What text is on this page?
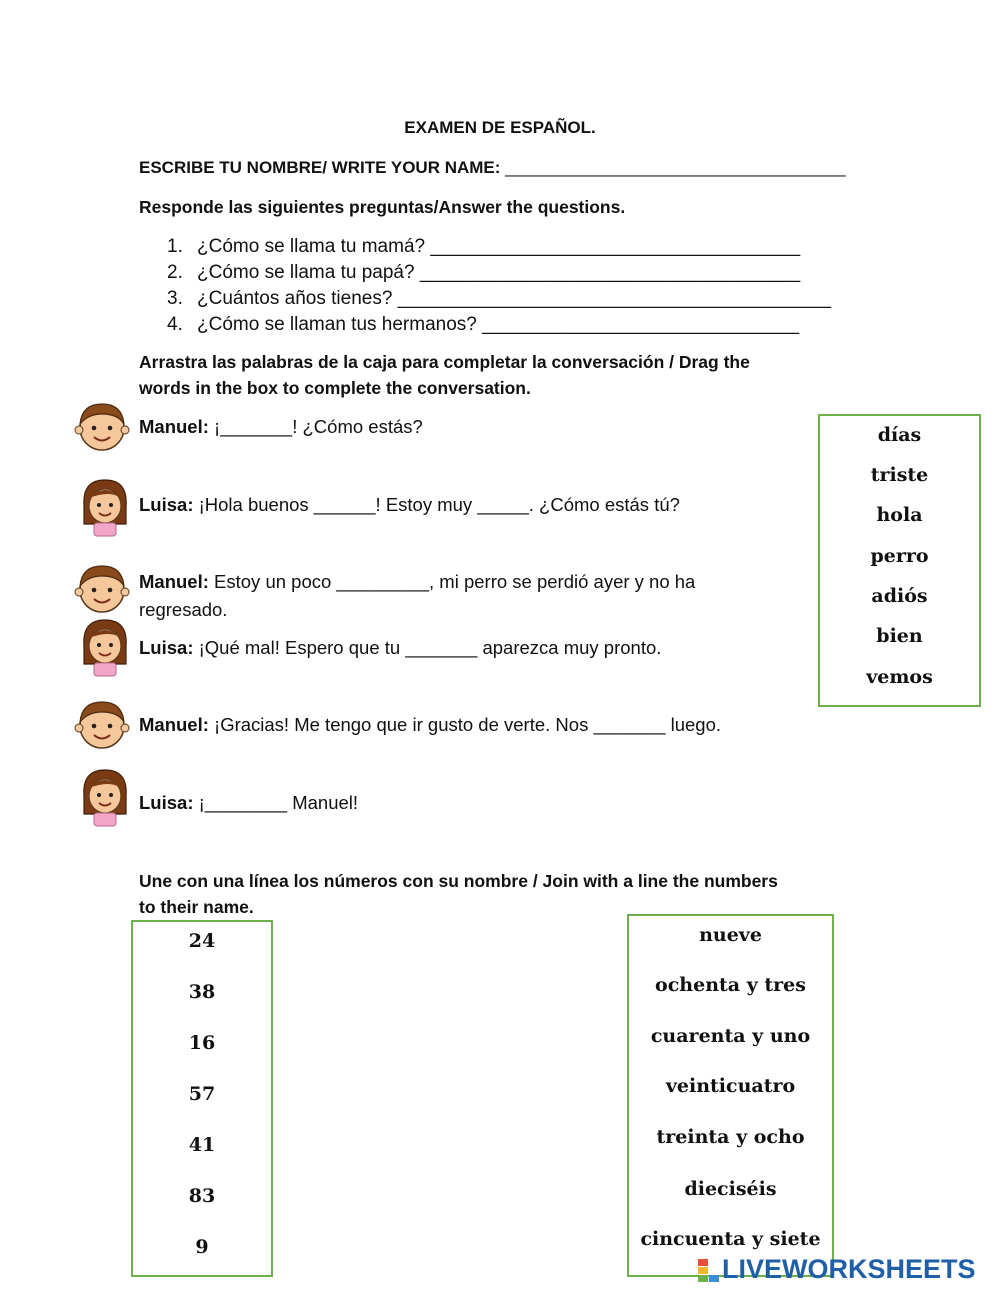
EXAMEN DE ESPAÑOL.
ESCRIBE TU NOMBRE/ WRITE YOUR NAME: ____________________________________
Responde las siguientes preguntas/Answer the questions.
1. ¿Cómo se llama tu mamá? ___________________________________
2. ¿Cómo se llama tu papá? ____________________________________
3. ¿Cuántos años tienes? _________________________________________
4. ¿Cómo se llaman tus hermanos? ______________________________
Arrastra las palabras de la caja para completar la conversación / Drag the
words in the box to complete the conversation.
Manuel: ¡_______! ¿Cómo estás?
Luisa: ¡Hola buenos ______! Estoy muy _____. ¿Cómo estás tú?
Manuel: Estoy un poco _________, mi perro se perdió ayer y no ha
regresado.
Luisa: ¡Qué mal! Espero que tu _______ aparezca muy pronto.
Manuel: ¡Gracias! Me tengo que ir gusto de verte. Nos _______ luego.
Luisa: ¡________ Manuel!
días
triste
hola
perro
adiós
bien
vemos
Une con una línea los números con su nombre / Join with a line the numbers
to their name.
24
38
16
57
41
83
9
nueve
ochenta y tres
cuarenta y uno
veinticuatro
treinta y ocho
dieciséis
cincuenta y siete
LIVEWORKSHEETS
